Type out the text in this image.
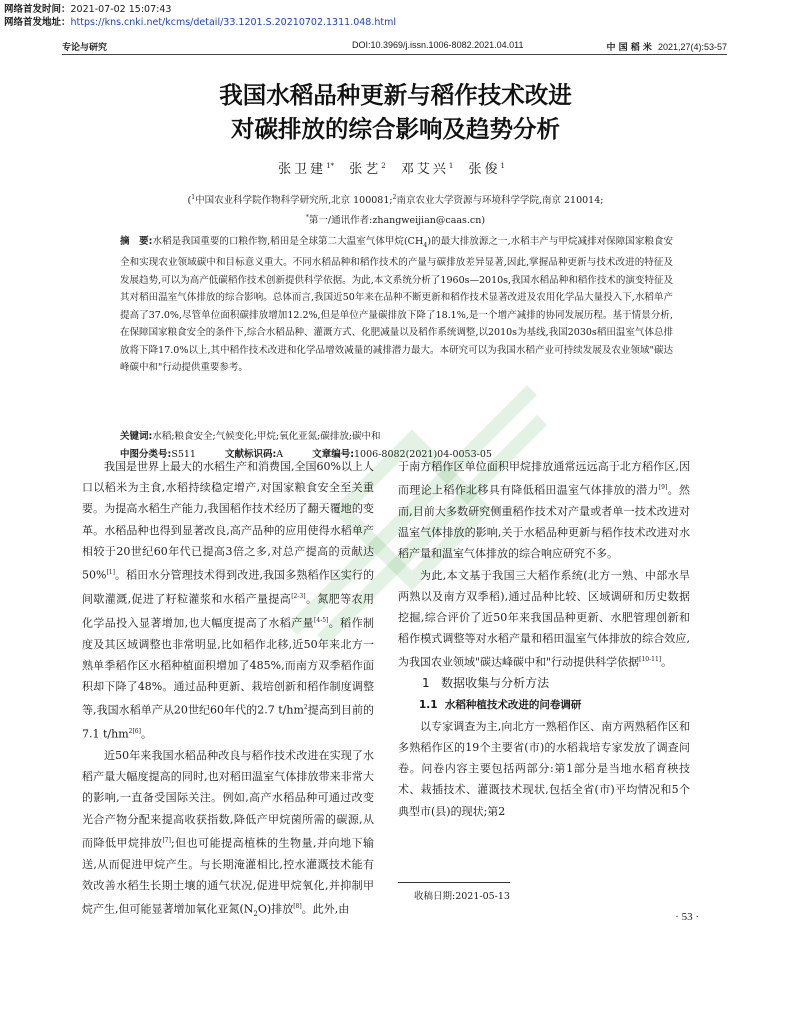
网络首发时间：2021-07-02 15:07:43
网络首发地址：https://kns.cnki.net/kcms/detail/33.1201.S.20210702.1311.048.html
专论与研究	DOI:10.3969/j.issn.1006-8082.2021.04.011	中 国 稻 米 2021,27(4):53-57
我国水稻品种更新与稻作技术改进
对碳排放的综合影响及趋势分析
张卫建$^{1*}$ 张艺$^2$ 邓艾兴$^1$ 张俊$^1$
($^1$中国农业科学院作物科学研究所,北京 100081;$^2$南京农业大学资源与环境科学学院,南京 210014;
*第一/通讯作者:zhangweijian@caas.cn)
摘　要:水稻是我国重要的口粮作物,稻田是全球第二大温室气体甲烷$(CH_4)$的最大排放源之一,水稻丰产与甲烷减排对保障国家粮食安全和实现农业领域碳中和目标意义重大。不同水稻品种和稻作技术的产量与碳排放差异显著,因此,掌握品种更新与技术改进的特征及发展趋势,可以为高产低碳稻作技术创新提供科学依据。为此,本文系统分析了1960s—2010s,我国水稻品种和稻作技术的演变特征及其对稻田温室气体排放的综合影响。总体而言,我国近50年来在品种不断更新和稻作技术显著改进及农用化学品大量投入下,水稻单产提高了37.0%,尽管单位面积碳排放增加12.2%,但是单位产量碳排放下降了18.1%,是一个增产减排的协同发展历程。基于情景分析,在保障国家粮食安全的条件下,综合水稻品种、灌溉方式、化肥减量以及稻作系统调整,以2010s为基线,我国2030s稻田温室气体总排放将下降17.0%以上,其中稻作技术改进和化学品增效减量的减排潜力最大。本研究可以为我国水稻产业可持续发展及农业领域"碳达峰碳中和"行动提供重要参考。
关键词:水稻;粮食安全;气候变化;甲烷;氧化亚氮;碳排放;碳中和
中图分类号:S511	文献标识码:A	文章编号:1006-8082(2021)04-0053-05

我国是世界上最大的水稻生产和消费国,全国60%以上人口以稻米为主食,水稻持续稳定增产,对国家粮食安全至关重要。为提高水稻生产能力,我国稻作技术经历了翻天覆地的变革。水稻品种也得到显著改良,高产品种的应用使得水稻单产相较于20世纪60年代已提高3倍之多,对总产提高的贡献达50%[1]。稻田水分管理技术得到改进,我国多熟稻作区实行的间歇灌溉,促进了籽粒灌浆和水稻产量提高[2-3]。氮肥等农用化学品投入显著增加,也大幅度提高了水稻产量[4-5]。稻作制度及其区域调整也非常明显,比如稻作北移,近50年来北方一熟单季稻作区水稻种植面积增加了485%,而南方双季稻作面积却下降了48%。通过品种更新、栽培创新和稻作制度调整等,我国水稻单产从20世纪60年代的2.7 $t/hm^2$提高到目前的7.1 $t/hm^{2[6]}$。

近50年来我国水稻品种改良与稻作技术改进在实现了水稻产量大幅度提高的同时,也对稻田温室气体排放带来非常大的影响,一直备受国际关注。例如,高产水稻品种可通过改变光合产物分配来提高收获指数,降低产甲烷菌所需的碳源,从而降低甲烷排放[7];但也可能提高植株的生物量,并向地下输送,从而促进甲烷产生。与长期淹灌相比,控水灌溉技术能有效改善水稻生长期土壤的通气状况,促进甲烷氧化,并抑制甲烷产生,但可能显著增加氧化亚氮$(N_2O)$排放[8]。此外,由

于南方稻作区单位面积甲烷排放通常远远高于北方稻作区,因而理论上稻作北移具有降低稻田温室气体排放的潜力[9]。然而,目前大多数研究侧重稻作技术对产量或者单一技术改进对温室气体排放的影响,关于水稻品种更新与稻作技术改进对水稻产量和温室气体排放的综合响应研究不多。

为此,本文基于我国三大稻作系统(北方一熟、中部水旱两熟以及南方双季稻),通过品种比较、区域调研和历史数据挖掘,综合评价了近50年来我国品种更新、水肥管理创新和稻作模式调整等对水稻产量和稻田温室气体排放的综合效应,为我国农业领域"碳达峰碳中和"行动提供科学依据[10-11]。

1 数据收集与分析方法

1.1 水稻种植技术改进的问卷调研

以专家调查为主,向北方一熟稻作区、南方两熟稻作区和多熟稻作区的19个主要省(市)的水稻栽培专家发放了调查问卷。问卷内容主要包括两部分:第1部分是当地水稻育秧技术、栽插技术、灌溉技术现状,包括全省(市)平均情况和5个典型市(县)的现状;第2

收稿日期:2021-05-13
· 53 ·
